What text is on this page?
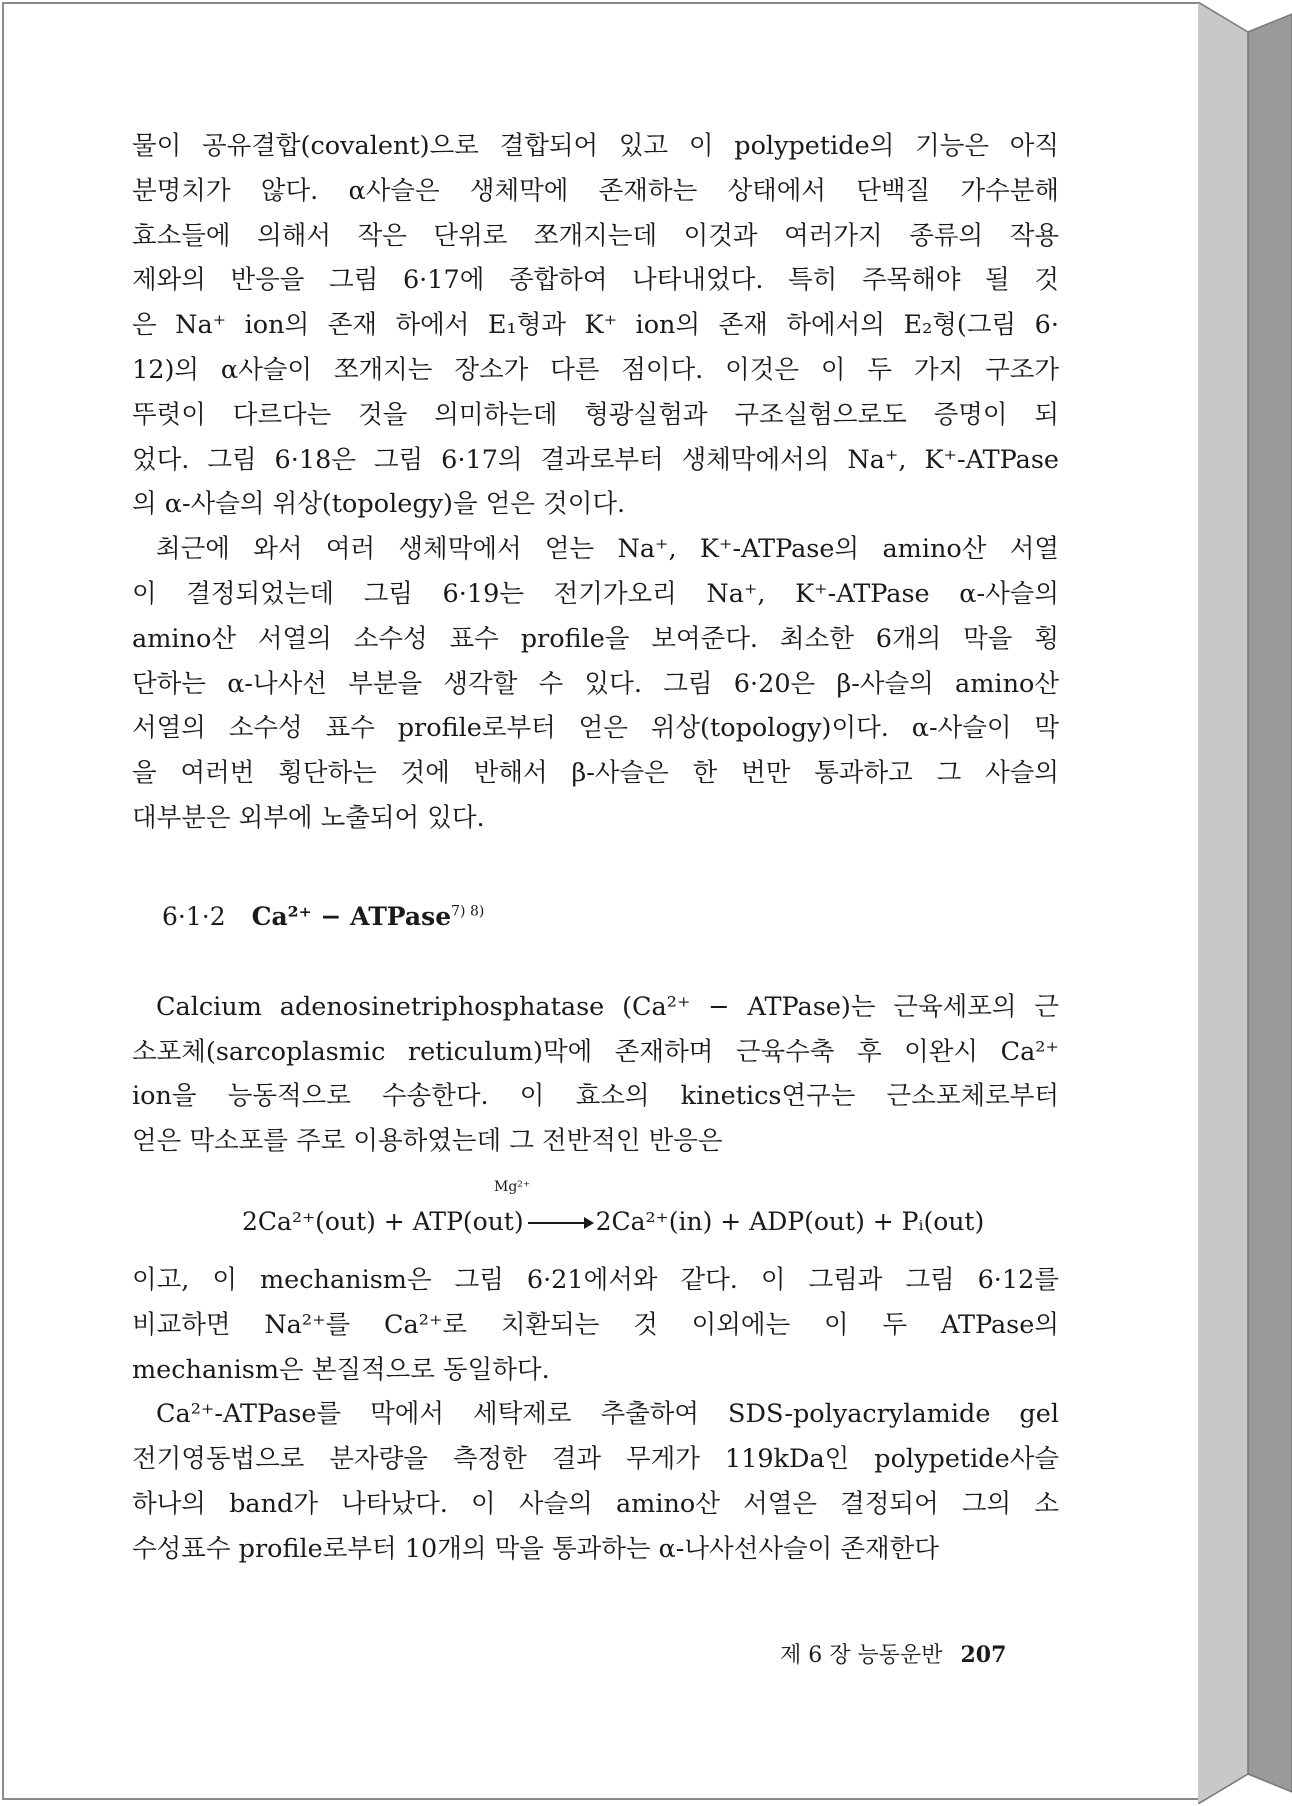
물이 공유결합(covalent)으로 결합되어 있고 이 polypetide의 기능은 아직

분명치가 않다. α사슬은 생체막에 존재하는 상태에서 단백질 가수분해

효소들에 의해서 작은 단위로 쪼개지는데 이것과 여러가지 종류의 작용

제와의 반응을 그림 6·17에 종합하여 나타내었다. 특히 주목해야 될 것

은 Na⁺ ion의 존재 하에서 E₁형과 K⁺ ion의 존재 하에서의 E₂형(그림 6·

12)의 α사슬이 쪼개지는 장소가 다른 점이다. 이것은 이 두 가지 구조가

뚜렷이 다르다는 것을 의미하는데 형광실험과 구조실험으로도 증명이 되

었다. 그림 6·18은 그림 6·17의 결과로부터 생체막에서의 Na⁺, K⁺-ATPase

의 α-사슬의 위상(topolegy)을 얻은 것이다.

최근에 와서 여러 생체막에서 얻는 Na⁺, K⁺-ATPase의 amino산 서열

이 결정되었는데 그림 6·19는 전기가오리 Na⁺, K⁺-ATPase α-사슬의

amino산 서열의 소수성 표수 profile을 보여준다. 최소한 6개의 막을 횡

단하는 α-나사선 부분을 생각할 수 있다. 그림 6·20은 β-사슬의 amino산

서열의 소수성 표수 profile로부터 얻은 위상(topology)이다. α-사슬이 막

을 여러번 횡단하는 것에 반해서 β-사슬은 한 번만 통과하고 그 사슬의

대부분은 외부에 노출되어 있다.

6·1·2 Ca²⁺ − ATPase$^{7) 8)}$

Calcium adenosinetriphosphatase (Ca²⁺ − ATPase)는 근육세포의 근

소포체(sarcoplasmic reticulum)막에 존재하며 근육수축 후 이완시 Ca²⁺

ion을 능동적으로 수송한다. 이 효소의 kinetics연구는 근소포체로부터

얻은 막소포를 주로 이용하였는데 그 전반적인 반응은

Mg²⁺
2Ca²⁺(out) + ATP(out)	2Ca²⁺(in) + ADP(out) + Pᵢ(out)

이고, 이 mechanism은 그림 6·21에서와 같다. 이 그림과 그림 6·12를

비교하면 Na²⁺를 Ca²⁺로 치환되는 것 이외에는 이 두 ATPase의

mechanism은 본질적으로 동일하다.

Ca²⁺-ATPase를 막에서 세탁제로 추출하여 SDS-polyacrylamide gel

전기영동법으로 분자량을 측정한 결과 무게가 119kDa인 polypetide사슬

하나의 band가 나타났다. 이 사슬의 amino산 서열은 결정되어 그의 소

수성표수 profile로부터 10개의 막을 통과하는 α-나사선사슬이 존재한다

제 6 장 능동운반 207
